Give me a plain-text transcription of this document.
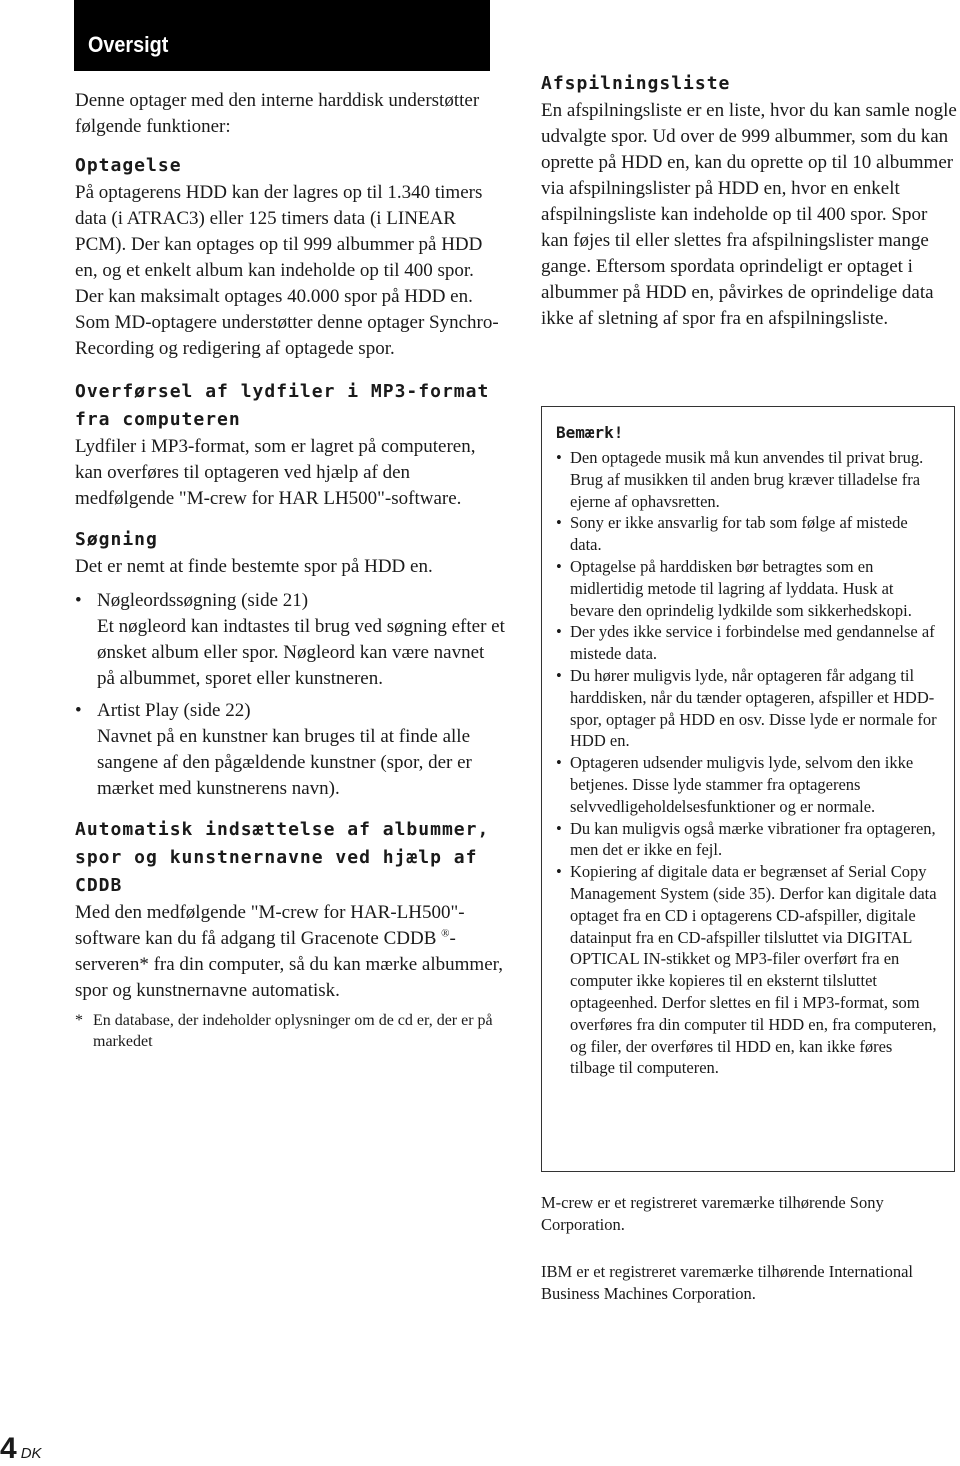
Oversigt

Denne optager med den interne harddisk understøtter følgende funktioner:

Optagelse

På optagerens HDD kan der lagres op til 1.340 timers data (i ATRAC3) eller 125 timers data (i LINEAR PCM). Der kan optages op til 999 albummer på HDD en, og et enkelt album kan indeholde op til 400 spor. Der kan maksimalt optages 40.000 spor på HDD en. Som MD-optagere understøtter denne optager Synchro-Recording og redigering af optagede spor.

Overførsel af lydfiler i MP3-format fra computeren

Lydfiler i MP3-format, som er lagret på computeren, kan overføres til optageren ved hjælp af den medfølgende "M-crew for HAR LH500"-software.

Søgning

Det er nemt at finde bestemte spor på HDD en.

• Nøgleordssøgning (side 21)
Et nøgleord kan indtastes til brug ved søgning efter et ønsket album eller spor. Nøgleord kan være navnet på albummet, sporet eller kunstneren.
• Artist Play (side 22)
Navnet på en kunstner kan bruges til at finde alle sangene af den pågældende kunstner (spor, der er mærket med kunstnerens navn).
Automatisk indsættelse af albummer, spor og kunstnernavne ved hjælp af CDDB

Med den medfølgende "M-crew for HAR-LH500"-software kan du få adgang til Gracenote CDDB ®-serveren* fra din computer, så du kan mærke albummer, spor og kunstnernavne automatisk.

* En database, der indeholder oplysninger om de cd er, der er på markedet
Afspilningsliste

En afspilningsliste er en liste, hvor du kan samle nogle udvalgte spor. Ud over de 999 albummer, som du kan oprette på HDD en, kan du oprette op til 10 albummer via afspilningslister på HDD en, hvor en enkelt afspilningsliste kan indeholde op til 400 spor. Spor kan føjes til eller slettes fra afspilningslister mange gange. Eftersom spordata oprindeligt er optaget i albummer på HDD en, påvirkes de oprindelige data ikke af sletning af spor fra en afspilningsliste.

Bemærk!
• Den optagede musik må kun anvendes til privat brug. Brug af musikken til anden brug kræver tilladelse fra ejerne af ophavsretten.
• Sony er ikke ansvarlig for tab som følge af mistede data.
• Optagelse på harddisken bør betragtes som en midlertidig metode til lagring af lyddata. Husk at bevare den oprindelig lydkilde som sikkerhedskopi.
• Der ydes ikke service i forbindelse med gendannelse af mistede data.
• Du hører muligvis lyde, når optageren får adgang til harddisken, når du tænder optageren, afspiller et HDD-spor, optager på HDD en osv. Disse lyde er normale for HDD en.
• Optageren udsender muligvis lyde, selvom den ikke betjenes. Disse lyde stammer fra optagerens selvvedligeholdelsesfunktioner og er normale.
• Du kan muligvis også mærke vibrationer fra optageren, men det er ikke en fejl.
• Kopiering af digitale data er begrænset af Serial Copy Management System (side 35). Derfor kan digitale data optaget fra en CD i optagerens CD-afspiller, digitale datainput fra en CD-afspiller tilsluttet via DIGITAL OPTICAL IN-stikket og MP3-filer overført fra en computer ikke kopieres til en eksternt tilsluttet optageenhed. Derfor slettes en fil i MP3-format, som overføres fra din computer til HDD en, fra computeren, og filer, der overføres til HDD en, kan ikke føres tilbage til computeren.

M-crew er et registreret varemærke tilhørende Sony Corporation.

IBM er et registreret varemærke tilhørende International Business Machines Corporation.

4 DK
